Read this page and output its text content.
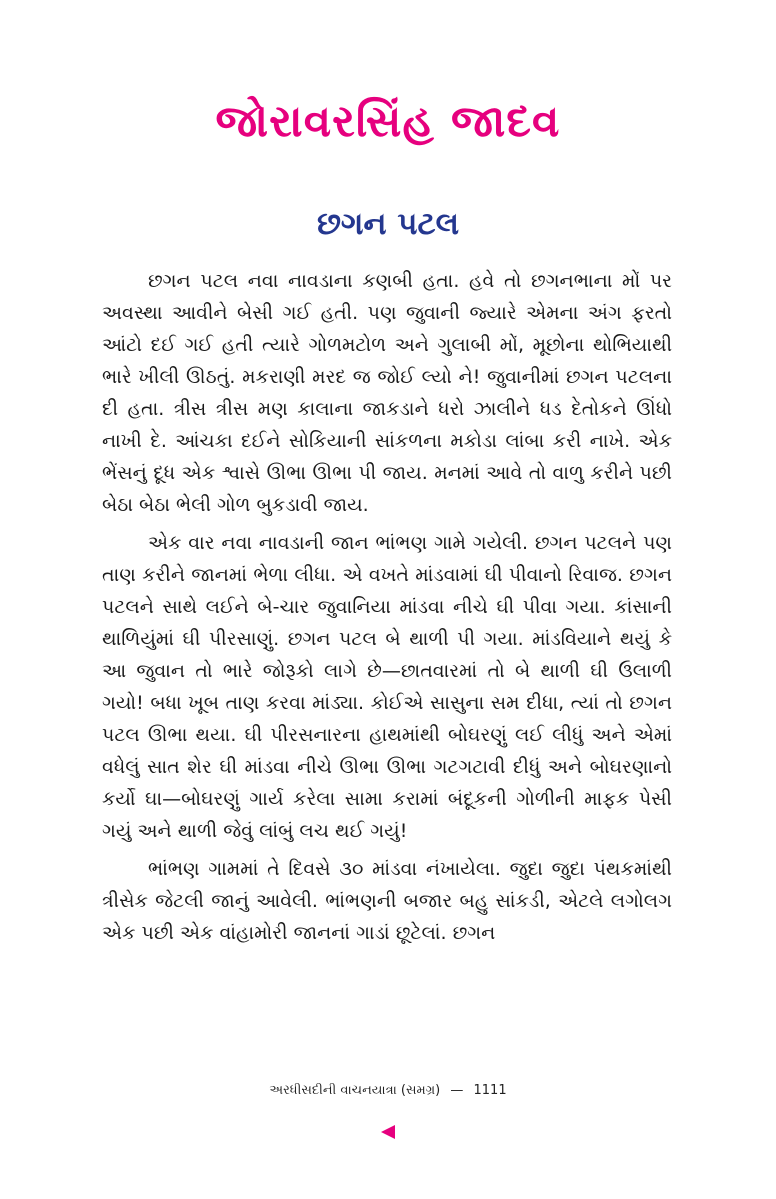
જોરાવરસિંહ જાદવ
છગન પટલ

છગન પટલ નવા નાવડાના કણબી હતા. હવે તો છગનભાના મોં પર અવસ્થા આવીને બેસી ગઈ હતી. પણ જુવાની જ્યારે એમના અંગ ફરતો આંટો દઈ ગઈ હતી ત્યારે ગોળમટોળ અને ગુલાબી મોં, મૂછોના થોભિયાથી ભારે ખીલી ઊઠતું. મકરાણી મરદ જ જોઈ લ્યો ને! જુવાનીમાં છગન પટલના દી હતા. ત્રીસ ત્રીસ મણ કાલાના જાકડાને ધરો ઝાલીને ધડ દેતોકને ઊંધો નાખી દે. આંચકા દઈને સોકિયાની સાંકળના મકોડા લાંબા કરી નાખે. એક ભેંસનું દૂધ એક શ્વાસે ઊભા ઊભા પી જાય. મનમાં આવે તો વાળુ કરીને પછી બેઠા બેઠા ભેલી ગોળ બુકડાવી જાય.

એક વાર નવા નાવડાની જાન ભાંભણ ગામે ગયેલી. છગન પટલને પણ તાણ કરીને જાનમાં ભેળા લીધા. એ વખતે માંડવામાં ઘી પીવાનો રિવાજ. છગન પટલને સાથે લઈને બે-ચાર જુવાનિયા માંડવા નીચે ઘી પીવા ગયા. કાંસાની થાળિયુંમાં ઘી પીરસાણું. છગન પટલ બે થાળી પી ગયા. માંડવિયાને થયું કે આ જુવાન તો ભારે જોરૂકો લાગે છે—છાતવારમાં તો બે થાળી ઘી ઉલાળી ગયો! બધા ખૂબ તાણ કરવા માંડ્યા. કોઈએ સાસુના સમ દીધા, ત્યાં તો છગન પટલ ઊભા થયા. ઘી પીરસનારના હાથમાંથી બોઘરણું લઈ લીધું અને એમાં વધેલું સાત શેર ઘી માંડવા નીચે ઊભા ઊભા ગટગટાવી દીધું અને બોઘરણાનો કર્યો ઘા—બોઘરણું ગાર્ય કરેલા સામા કરામાં બંદૂકની ગોળીની માફક પેસી ગયું અને થાળી જેવું લાંબું લચ થઈ ગયું!

ભાંભણ ગામમાં તે દિવસે ૩૦ માંડવા નંખાયેલા. જુદા જુદા પંથકમાંથી ત્રીસેક જેટલી જાનું આવેલી. ભાંભણની બજાર બહુ સાંકડી, એટલે લગોલગ એક પછી એક વાંહામોરી જાનનાં ગાડાં છૂટેલાં. છગન

અરધીસદીની વાચનયાત્રા (સમગ્ર) — 1111
